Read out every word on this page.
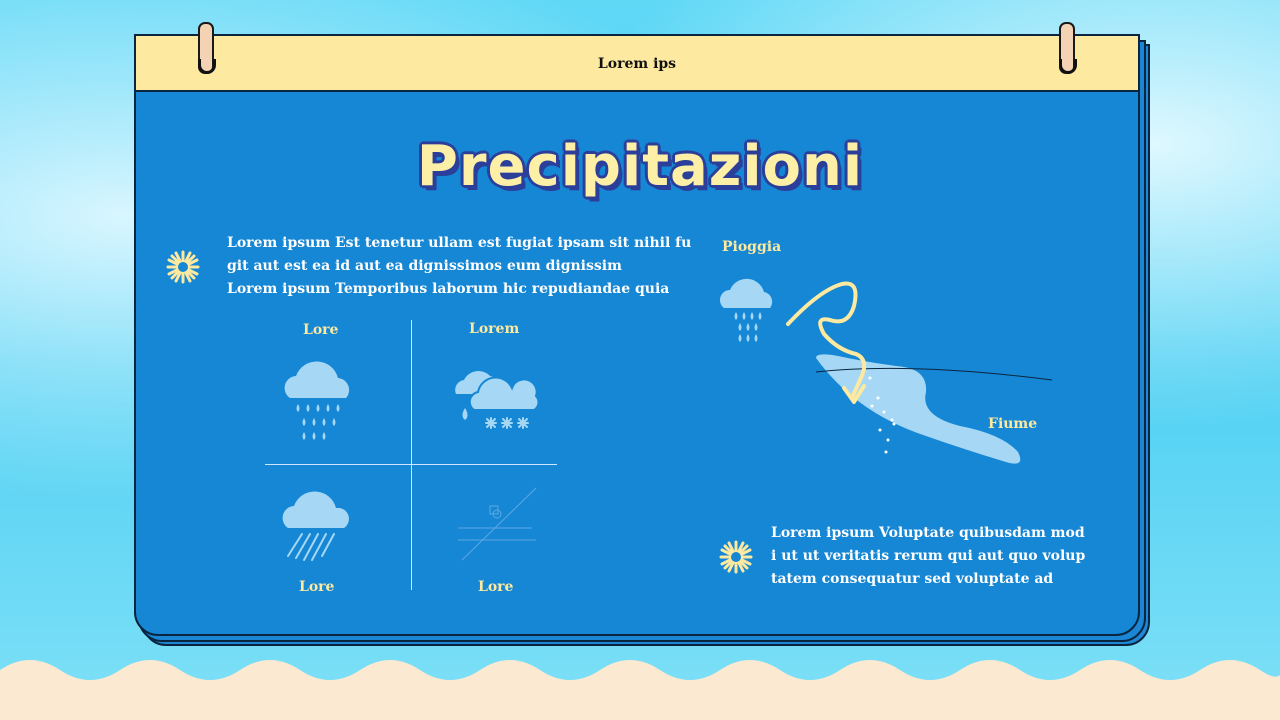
Lorem ips
Precipitazioni
Lorem ipsum Est tenetur ullam est fugiat ipsam sit nihil fu
git aut est ea id aut ea dignissimos eum dignissim
Lorem ipsum Temporibus laborum hic repudiandae quia
Lore	Lorem
Lore	Lore
Pioggia
Fiume
Lorem ipsum Voluptate quibusdam mod
i ut ut veritatis rerum qui aut quo volup
tatem consequatur sed voluptate ad
